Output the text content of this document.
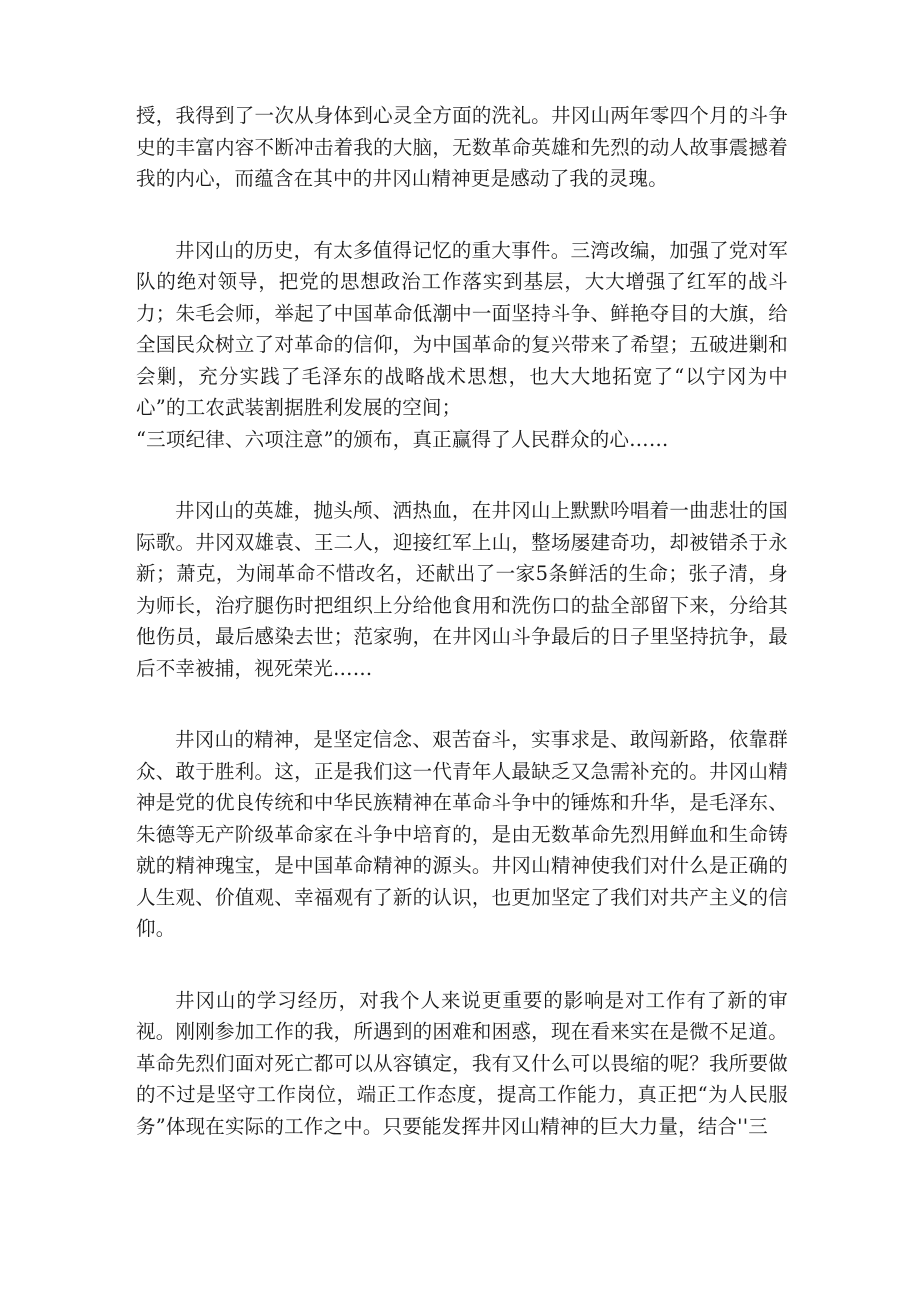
授，我得到了一次从身体到心灵全方面的洗礼。井冈山两年零四个月的斗争史的丰富内容不断冲击着我的大脑，无数革命英雄和先烈的动人故事震撼着我的内心，而蕴含在其中的井冈山精神更是感动了我的灵瑰。

井冈山的历史，有太多值得记忆的重大事件。三湾改编，加强了党对军队的绝对领导，把党的思想政治工作落实到基层，大大增强了红军的战斗力；朱毛会师，举起了中国革命低潮中一面坚持斗争、鲜艳夺目的大旗，给全国民众树立了对革命的信仰，为中国革命的复兴带来了希望；五破进剿和会剿，充分实践了毛泽东的战略战术思想，也大大地拓宽了“以宁冈为中心”的工农武装割据胜利发展的空间；

“三项纪律、六项注意”的颁布，真正赢得了人民群众的心……

井冈山的英雄，抛头颅、洒热血，在井冈山上默默吟唱着一曲悲壮的国际歌。井冈双雄袁、王二人，迎接红军上山，整场屡建奇功，却被错杀于永新；萧克，为闹革命不惜改名，还献出了一家5条鲜活的生命；张子清，身为师长，治疗腿伤时把组织上分给他食用和洗伤口的盐全部留下来，分给其他伤员，最后感染去世；范家驹，在井冈山斗争最后的日子里坚持抗争，最后不幸被捕，视死荣光……

井冈山的精神，是坚定信念、艰苦奋斗，实事求是、敢闯新路，依靠群众、敢于胜利。这，正是我们这一代青年人最缺乏又急需补充的。井冈山精神是党的优良传统和中华民族精神在革命斗争中的锤炼和升华，是毛泽东、朱德等无产阶级革命家在斗争中培育的，是由无数革命先烈用鲜血和生命铸就的精神瑰宝，是中国革命精神的源头。井冈山精神使我们对什么是正确的人生观、价值观、幸福观有了新的认识，也更加坚定了我们对共产主义的信仰。

井冈山的学习经历，对我个人来说更重要的影响是对工作有了新的审视。刚刚参加工作的我，所遇到的困难和困惑，现在看来实在是微不足道。革命先烈们面对死亡都可以从容镇定，我有又什么可以畏缩的呢？我所要做的不过是坚守工作岗位，端正工作态度，提高工作能力，真正把“为人民服务”体现在实际的工作之中。只要能发挥井冈山精神的巨大力量，结合''三
